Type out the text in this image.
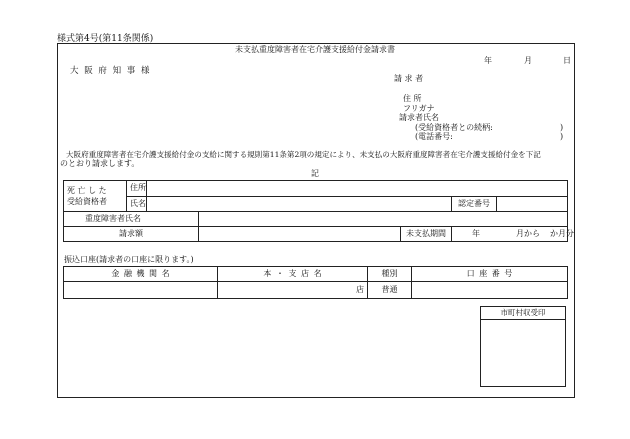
様式第4号(第11条関係)
未支払重度障害者在宅介護支援給付金請求書
年	月	日
大 阪 府 知 事 様
請 求 者
住 所
フリガナ
請求者氏名
(受給資格者との続柄:	)
(電話番号:	)
大阪府重度障害者在宅介護支援給付金の支給に関する規則第11条第2項の規定により、未支払の大阪府重度障害者在宅介護支援給付金を下記
のとおり請求します。
記
死 亡 し た
受給資格者	住所					
	氏名				認定番号	
重度障害者氏名						
請求額				未支払期間	年 月から か月分	
振込口座(請求者の口座に限ります。)
金 融 機 関 名	本 ・ 支 店 名	種別	口 座 番 号
	店	普通	
市町村収受印
